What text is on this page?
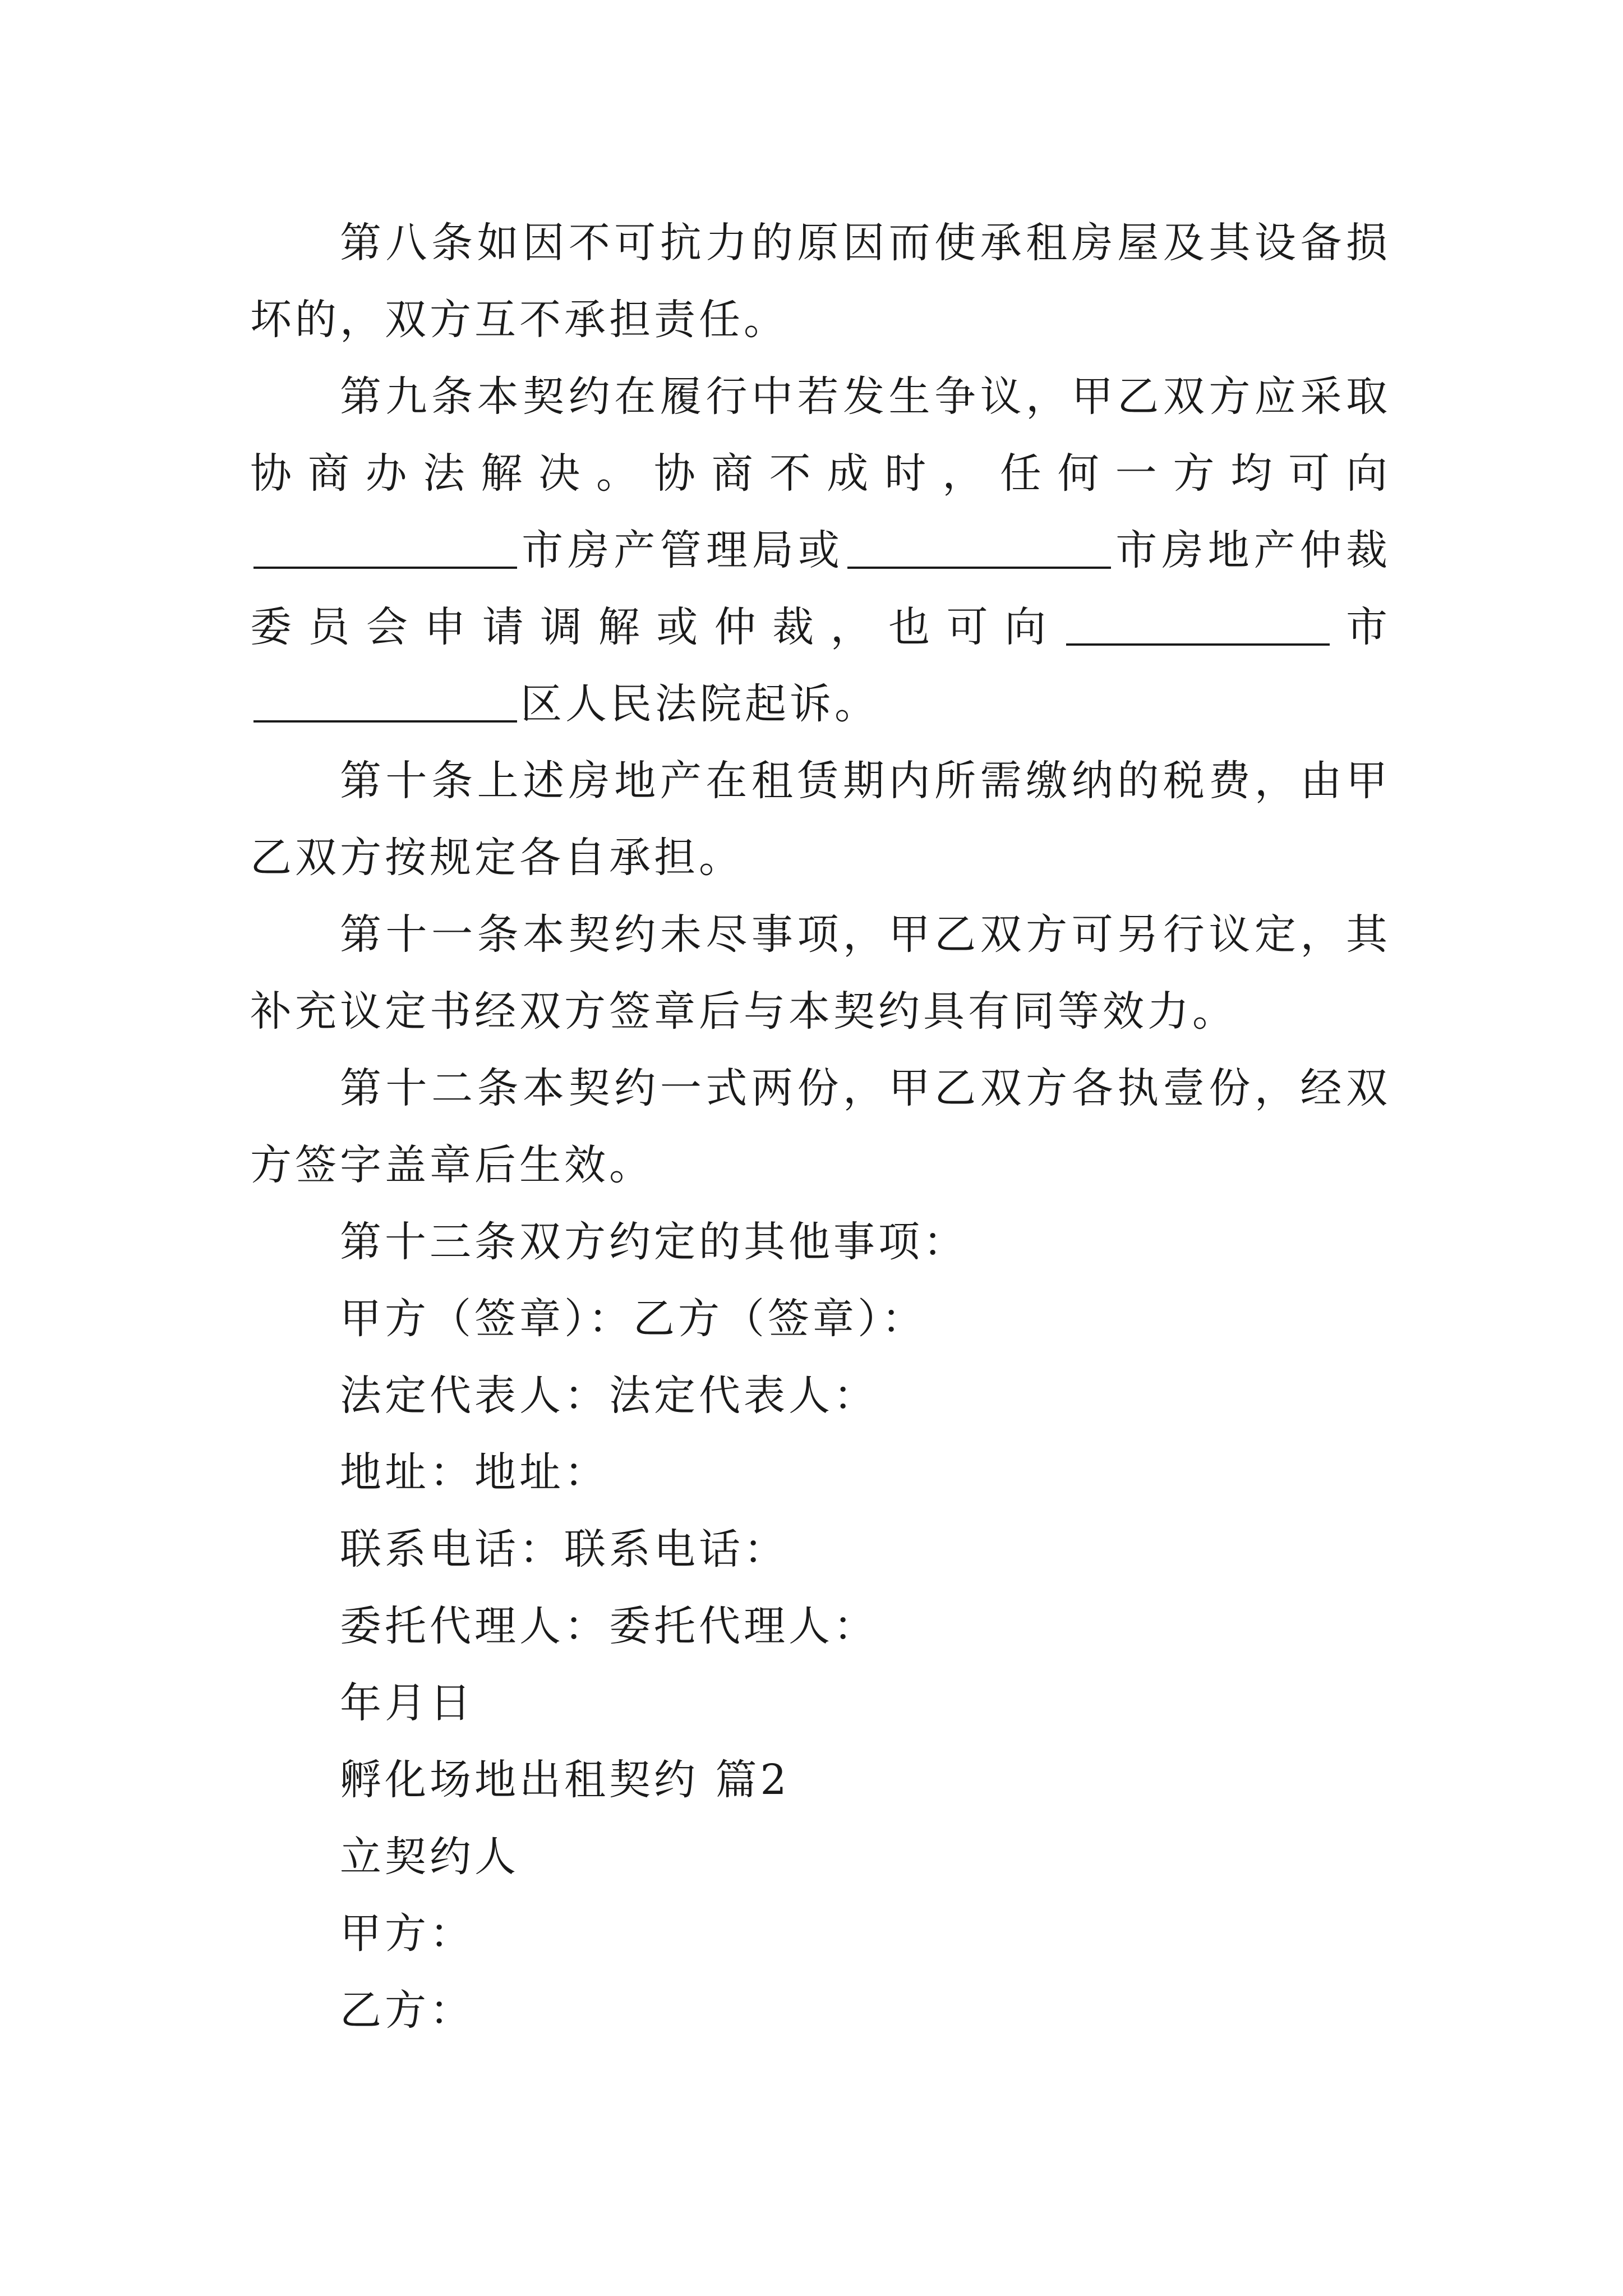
第八条如因不可抗力的原因而使承租房屋及其设备损坏的，双方互不承担责任。

第九条本契约在履行中若发生争议，甲乙双方应采取协商办法解决。协商不成时，任何一方均可向市房产管理局或	市房地产仲裁委员会申请调解或仲裁，也可向	市区人民法院起诉。

第十条上述房地产在租赁期内所需缴纳的税费，由甲乙双方按规定各自承担。

第十一条本契约未尽事项，甲乙双方可另行议定，其补充议定书经双方签章后与本契约具有同等效力。

第十二条本契约一式两份，甲乙双方各执壹份，经双方签字盖章后生效。

第十三条双方约定的其他事项：

甲方（签章）：乙方（签章）：

法定代表人：法定代表人：

地址：地址：

联系电话：联系电话：

委托代理人：委托代理人：

年月日

孵化场地出租契约 篇2

立契约人

甲方：

乙方：
